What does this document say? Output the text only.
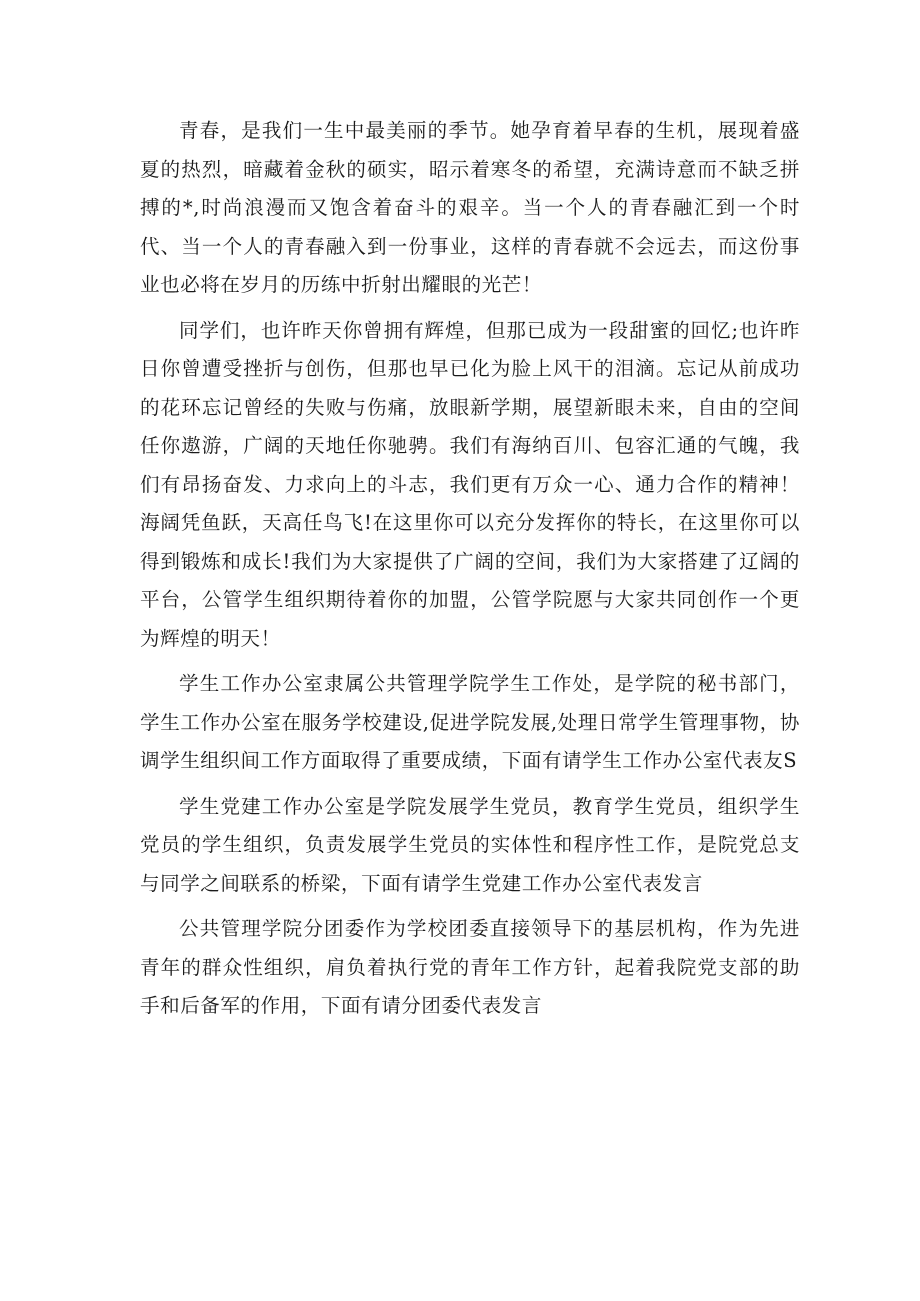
青春，是我们一生中最美丽的季节。她孕育着早春的生机，展现着盛夏的热烈，暗藏着金秋的硕实，昭示着寒冬的希望，充满诗意而不缺乏拼搏的*,时尚浪漫而又饱含着奋斗的艰辛。当一个人的青春融汇到一个时代、当一个人的青春融入到一份事业，这样的青春就不会远去，而这份事业也必将在岁月的历练中折射出耀眼的光芒！

同学们，也许昨天你曾拥有辉煌，但那已成为一段甜蜜的回忆;也许昨日你曾遭受挫折与创伤，但那也早已化为脸上风干的泪滴。忘记从前成功的花环忘记曾经的失败与伤痛，放眼新学期，展望新眼未来，自由的空间任你遨游，广阔的天地任你驰骋。我们有海纳百川、包容汇通的气魄，我们有昂扬奋发、力求向上的斗志，我们更有万众一心、通力合作的精神！海阔凭鱼跃，天高任鸟飞!在这里你可以充分发挥你的特长，在这里你可以得到锻炼和成长!我们为大家提供了广阔的空间，我们为大家搭建了辽阔的平台，公管学生组织期待着你的加盟，公管学院愿与大家共同创作一个更为辉煌的明天！

学生工作办公室隶属公共管理学院学生工作处，是学院的秘书部门，学生工作办公室在服务学校建设,促进学院发展,处理日常学生管理事物，协调学生组织间工作方面取得了重要成绩，下面有请学生工作办公室代表友S

学生党建工作办公室是学院发展学生党员，教育学生党员，组织学生党员的学生组织，负责发展学生党员的实体性和程序性工作，是院党总支与同学之间联系的桥梁，下面有请学生党建工作办公室代表发言

公共管理学院分团委作为学校团委直接领导下的基层机构，作为先进青年的群众性组织，肩负着执行党的青年工作方针，起着我院党支部的助手和后备军的作用，下面有请分团委代表发言
